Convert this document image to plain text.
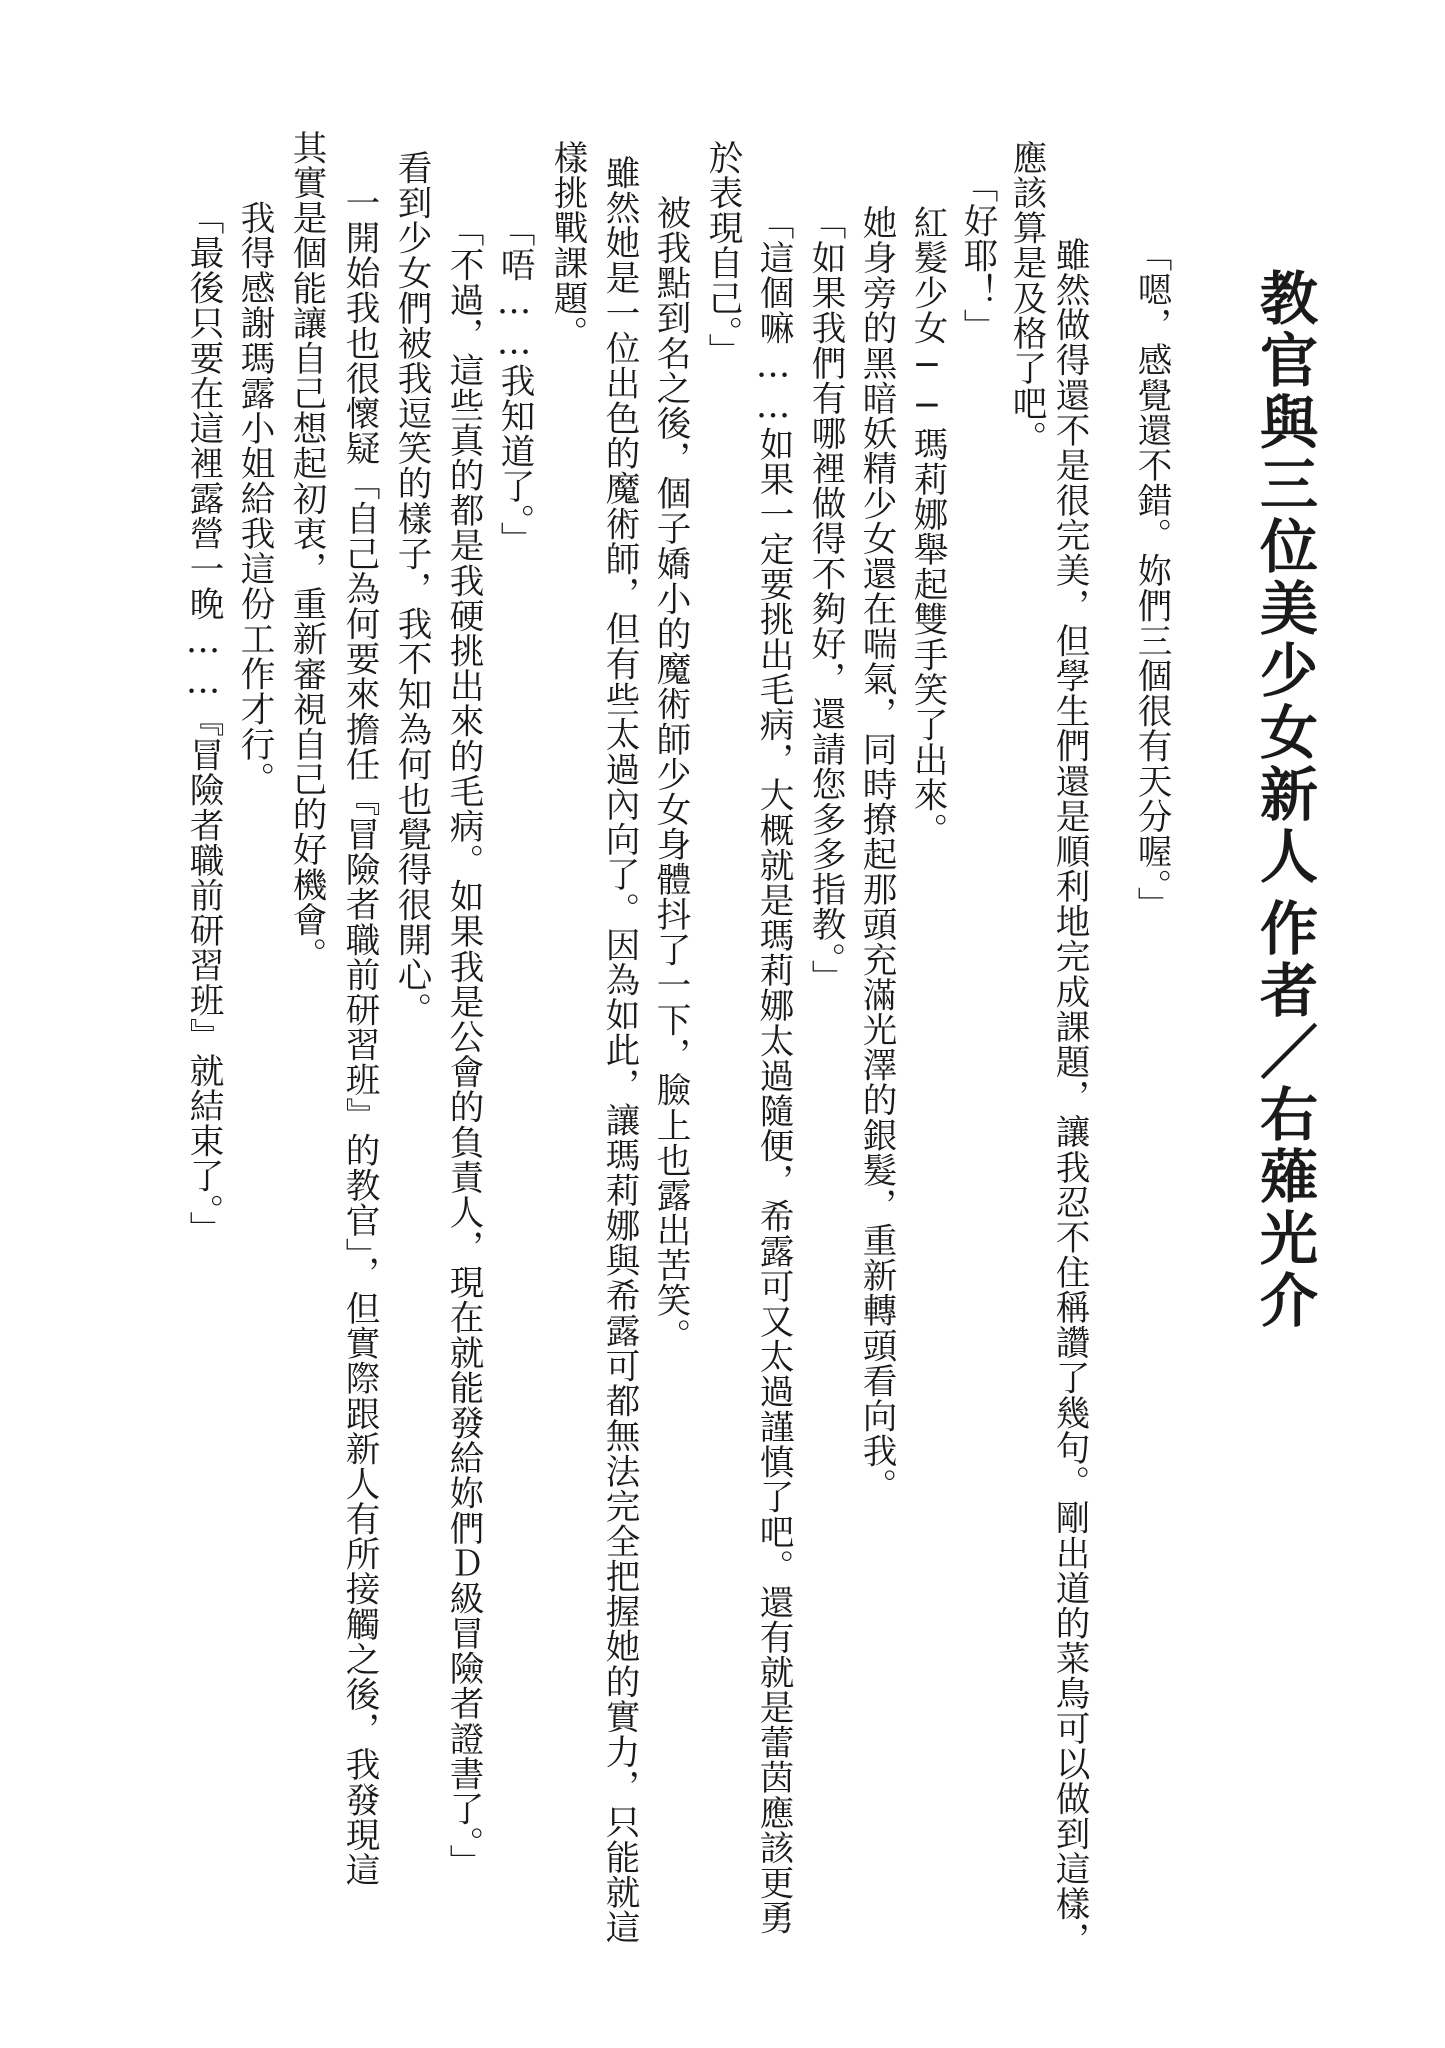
教官與三位美少女新人
作者／右薙光介
「嗯，感覺還不錯。妳們三個很有天分喔。」
雖然做得還不是很完美，但學生們還是順利地完成課題，讓我忍不住稱讚了幾句。剛出道的菜鳥可以做到這樣，
應該算是及格了吧。
「好耶！」
紅髮少女──瑪莉娜舉起雙手笑了出來。
她身旁的黑暗妖精少女還在喘氣，同時撩起那頭充滿光澤的銀髮，重新轉頭看向我。
「如果我們有哪裡做得不夠好，還請您多多指教。」
「這個嘛……如果一定要挑出毛病，大概就是瑪莉娜太過隨便，希露可又太過謹慎了吧。還有就是蕾茵應該更勇
於表現自己。」
被我點到名之後，個子嬌小的魔術師少女身體抖了一下，臉上也露出苦笑。
雖然她是一位出色的魔術師，但有些太過內向了。因為如此，讓瑪莉娜與希露可都無法完全把握她的實力，只能就這
樣挑戰課題。
「唔……我知道了。」
「不過，這些真的都是我硬挑出來的毛病。如果我是公會的負責人，現在就能發給妳們Ｄ級冒險者證書了。」
看到少女們被我逗笑的樣子，我不知為何也覺得很開心。
一開始我也很懷疑「自己為何要來擔任『冒險者職前研習班』的教官」，但實際跟新人有所接觸之後，我發現這
其實是個能讓自己想起初衷，重新審視自己的好機會。
我得感謝瑪露小姐給我這份工作才行。
「最後只要在這裡露營一晚……『冒險者職前研習班』就結束了。」
